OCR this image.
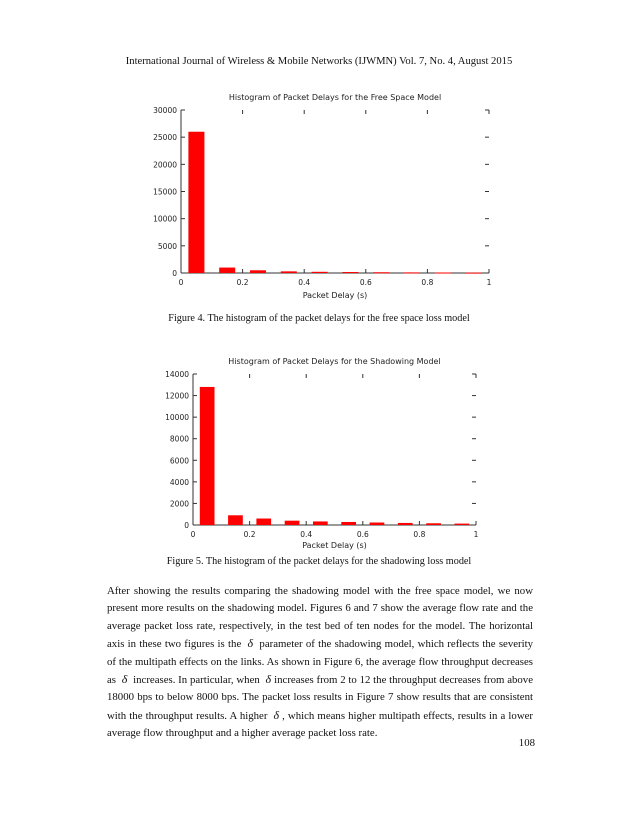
International Journal of Wireless & Mobile Networks (IJWMN) Vol. 7, No. 4, August 2015
Histogram of Packet Delays for the Free Space Model
0
5000
10000
15000
20000
25000
30000
0	0.2	0.4	0.6	0.8	1
Packet Delay (s)
Figure 4. The histogram of the packet delays for the free space loss model
Histogram of Packet Delays for the Shadowing Model
0
2000
4000
6000
8000
10000
12000
14000
0	0.2	0.4	0.6	0.8	1
Packet Delay (s)
Figure 5. The histogram of the packet delays for the shadowing loss model
After showing the results comparing the shadowing model with the free space model, we now present more results on the shadowing model. Figures 6 and 7 show the average flow rate and the average packet loss rate, respectively, in the test bed of ten nodes for the model. The horizontal axis in these two figures is the δ parameter of the shadowing model, which reflects the severity of the multipath effects on the links. As shown in Figure 6, the average flow throughput decreases as δ increases. In particular, when δ increases from 2 to 12 the throughput decreases from above 18000 bps to below 8000 bps. The packet loss results in Figure 7 show results that are consistent with the throughput results. A higher δ , which means higher multipath effects, results in a lower average flow throughput and a higher average packet loss rate.
108
